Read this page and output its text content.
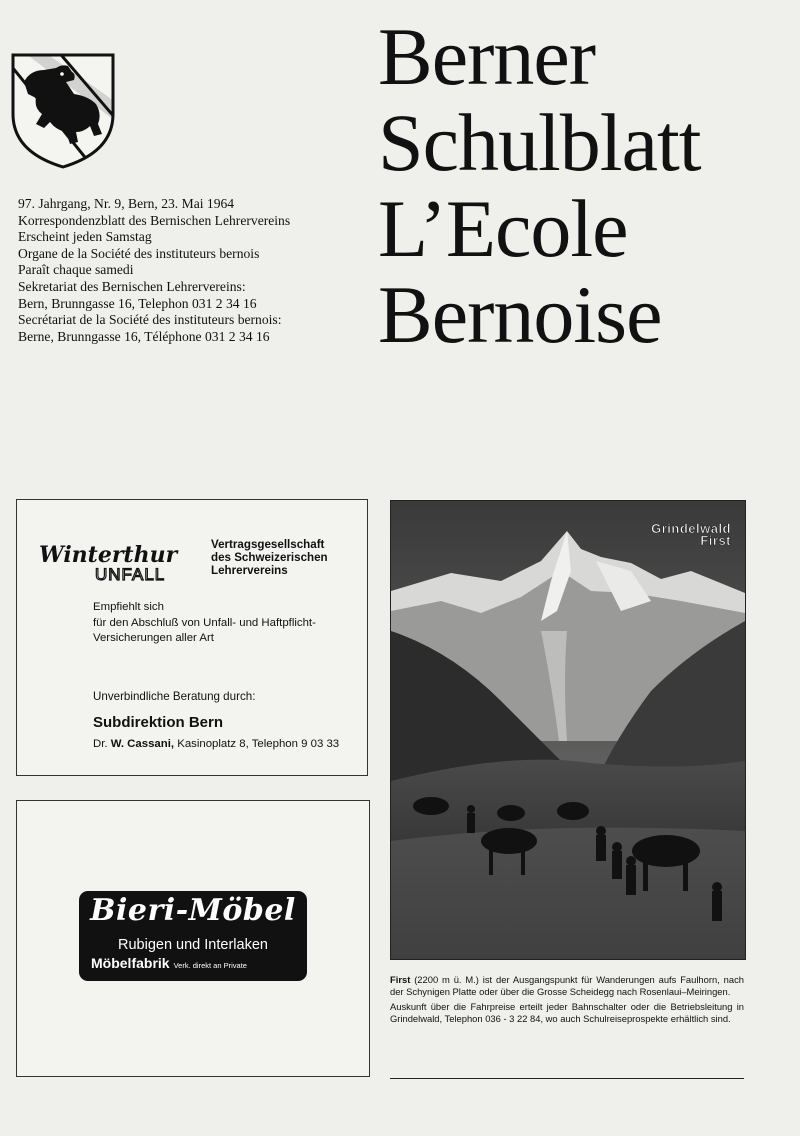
97. Jahrgang, Nr. 9, Bern, 23. Mai 1964
Korrespondenzblatt des Bernischen Lehrervereins
Erscheint jeden Samstag
Organe de la Société des instituteurs bernois
Paraît chaque samedi
Sekretariat des Bernischen Lehrervereins:
Bern, Brunngasse 16, Telephon 031 2 34 16
Secrétariat de la Société des instituteurs bernois:
Berne, Brunngasse 16, Téléphone 031 2 34 16
Berner
Schulblatt
L’Ecole
Bernoise
Winterthur
UNFALL
Vertragsgesellschaft
des Schweizerischen
Lehrervereins
Empfiehlt sich
für den Abschluß von Unfall- und Haftpflicht-
Versicherungen aller Art
Unverbindliche Beratung durch:
Subdirektion Bern
Dr. W. Cassani, Kasinoplatz 8, Telephon 9 03 33
Bieri-Möbel
Rubigen und Interlaken
Möbelfabrik Verk. direkt an Private
Grindelwald
First

First (2200 m ü. M.) ist der Ausgangspunkt für Wanderungen aufs Faulhorn, nach der Schynigen Platte oder über die Grosse Scheidegg nach Rosenlaui–Meiringen.

Auskunft über die Fahrpreise erteilt jeder Bahnschalter oder die Betriebsleitung in Grindelwald, Telephon 036 - 3 22 84, wo auch Schulreiseprospekte erhältlich sind.
